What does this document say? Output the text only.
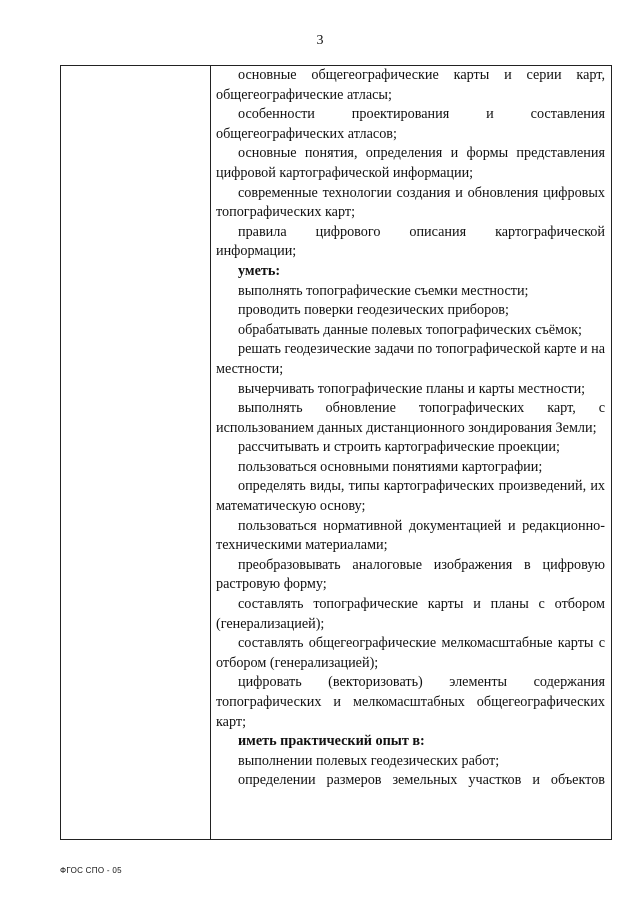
3

основные общегеографические карты и серии карт, общегеографические атласы;

особенности проектирования и составления общегеографических атласов;

основные понятия, определения и формы представления цифровой картографической информации;

современные технологии создания и обновления цифровых топографических карт;

правила цифрового описания картографической информации;

уметь:

выполнять топографические съемки местности;

проводить поверки геодезических приборов;

обрабатывать данные полевых топографических съёмок;

решать геодезические задачи по топографической карте и на местности;

вычерчивать топографические планы и карты местности;

выполнять обновление топографических карт, с использованием данных дистанционного зондирования Земли;

рассчитывать и строить картографические проекции;

пользоваться основными понятиями картографии;

определять виды, типы картографических произведений, их математическую основу;

пользоваться нормативной документацией и редакционно-техническими материалами;

преобразовывать аналоговые изображения в цифровую растровую форму;

составлять топографические карты и планы с отбором (генерализацией);

составлять общегеографические мелкомасштабные карты с отбором (генерализацией);

цифровать (векторизовать) элементы содержания топографических и мелкомасштабных общегеографических карт;

иметь практический опыт в:

выполнении полевых геодезических работ;

определении размеров земельных участков и объектов

ФГОС СПО - 05
